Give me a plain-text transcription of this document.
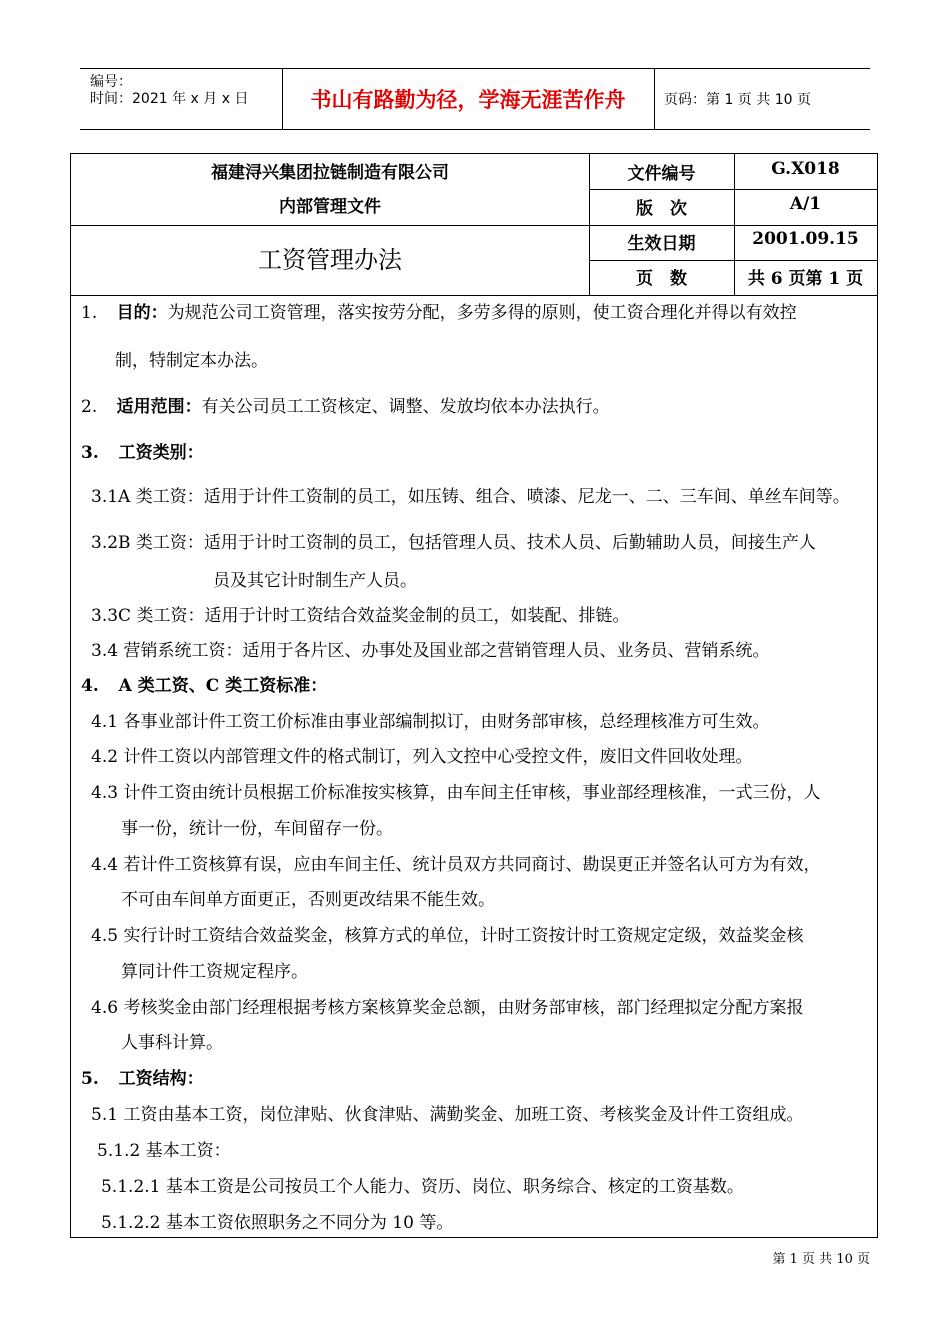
编号：
时间：2021 年 x 月 x 日	书山有路勤为径，学海无涯苦作舟	页码：第 1 页 共 10 页
福建浔兴集团拉链制造有限公司
内部管理文件
工资管理办法
文件编号	G.X018
版　次	A/1
生效日期	2001.09.15
页　数	共 6 页第 1 页
1. 目的：为规范公司工资管理，落实按劳分配，多劳多得的原则，使工资合理化并得以有效控
制，特制定本办法。
2. 适用范围：有关公司员工工资核定、调整、发放均依本办法执行。
3. 工资类别：
3.1A 类工资：适用于计件工资制的员工，如压铸、组合、喷漆、尼龙一、二、三车间、单丝车间等。
3.2B 类工资：适用于计时工资制的员工，包括管理人员、技术人员、后勤辅助人员，间接生产人
员及其它计时制生产人员。
3.3C 类工资：适用于计时工资结合效益奖金制的员工，如装配、排链。
3.4 营销系统工资：适用于各片区、办事处及国业部之营销管理人员、业务员、营销系统。
4. A 类工资、C 类工资标准：
4.1 各事业部计件工资工价标准由事业部编制拟订，由财务部审核，总经理核准方可生效。
4.2 计件工资以内部管理文件的格式制订，列入文控中心受控文件，废旧文件回收处理。
4.3 计件工资由统计员根据工价标准按实核算，由车间主任审核，事业部经理核准，一式三份，人
事一份，统计一份，车间留存一份。
4.4 若计件工资核算有误，应由车间主任、统计员双方共同商讨、勘误更正并签名认可方为有效，
不可由车间单方面更正，否则更改结果不能生效。
4.5 实行计时工资结合效益奖金，核算方式的单位，计时工资按计时工资规定定级，效益奖金核
算同计件工资规定程序。
4.6 考核奖金由部门经理根据考核方案核算奖金总额，由财务部审核，部门经理拟定分配方案报
人事科计算。
5. 工资结构：
5.1 工资由基本工资，岗位津贴、伙食津贴、满勤奖金、加班工资、考核奖金及计件工资组成。
5.1.2 基本工资：
5.1.2.1 基本工资是公司按员工个人能力、资历、岗位、职务综合、核定的工资基数。
5.1.2.2 基本工资依照职务之不同分为 10 等。
第 1 页 共 10 页
